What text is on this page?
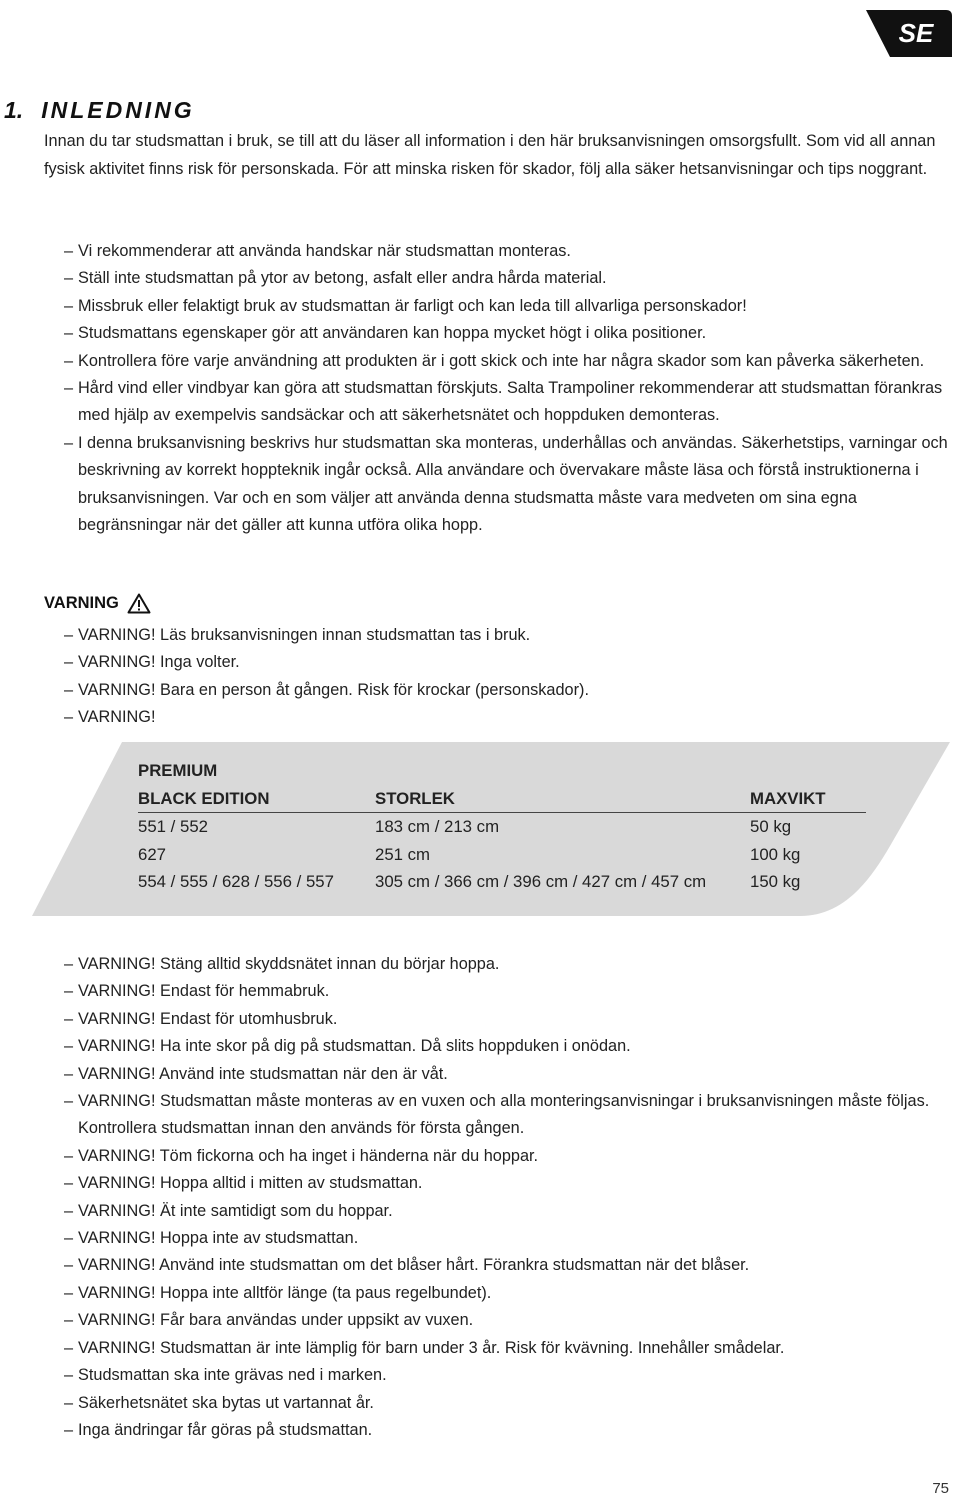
SE
1. INLEDNING

Innan du tar studsmattan i bruk, se till att du läser all information i den här bruksanvisningen omsorgsfullt. Som vid all annan fysisk aktivitet finns risk för personskada. För att minska risken för skador, följ alla säker hetsanvisningar och tips noggrant.

– Vi rekommenderar att använda handskar när studsmattan monteras.
– Ställ inte studsmattan på ytor av betong, asfalt eller andra hårda material.
– Missbruk eller felaktigt bruk av studsmattan är farligt och kan leda till allvarliga personskador!
– Studsmattans egenskaper gör att användaren kan hoppa mycket högt i olika positioner.
– Kontrollera före varje användning att produkten är i gott skick och inte har några skador som kan påverka säkerheten.
– Hård vind eller vindbyar kan göra att studsmattan förskjuts. Salta Trampoliner rekommenderar att studsmattan förankras med hjälp av exempelvis sandsäckar och att säkerhetsnätet och hoppduken demonteras.
– I denna bruksanvisning beskrivs hur studsmattan ska monteras, underhållas och användas. Säkerhetstips, varningar och beskrivning av korrekt hoppteknik ingår också. Alla användare och övervakare måste läsa och förstå instruktionerna i bruksanvisningen. Var och en som väljer att använda denna studsmatta måste vara medveten om sina egna begränsningar när det gäller att kunna utföra olika hopp.
VARNING
– VARNING! Läs bruksanvisningen innan studsmattan tas i bruk.
– VARNING! Inga volter.
– VARNING! Bara en person åt gången. Risk för krockar (personskador).
– VARNING!
PREMIUM
BLACK EDITION	STORLEK	MAXVIKT
551 / 552	183 cm / 213 cm	50 kg
627	251 cm	100 kg
554 / 555 / 628 / 556 / 557	305 cm / 366 cm / 396 cm / 427 cm / 457 cm	150 kg
– VARNING! Stäng alltid skyddsnätet innan du börjar hoppa.
– VARNING! Endast för hemmabruk.
– VARNING! Endast för utomhusbruk.
– VARNING! Ha inte skor på dig på studsmattan. Då slits hoppduken i onödan.
– VARNING! Använd inte studsmattan när den är våt.
– VARNING! Studsmattan måste monteras av en vuxen och alla monteringsanvisningar i bruksanvisningen måste följas. Kontrollera studsmattan innan den används för första gången.
– VARNING! Töm fickorna och ha inget i händerna när du hoppar.
– VARNING! Hoppa alltid i mitten av studsmattan.
– VARNING! Ät inte samtidigt som du hoppar.
– VARNING! Hoppa inte av studsmattan.
– VARNING! Använd inte studsmattan om det blåser hårt. Förankra studsmattan när det blåser.
– VARNING! Hoppa inte alltför länge (ta paus regelbundet).
– VARNING! Får bara användas under uppsikt av vuxen.
– VARNING! Studsmattan är inte lämplig för barn under 3 år. Risk för kvävning. Innehåller smådelar.
– Studsmattan ska inte grävas ned i marken.
– Säkerhetsnätet ska bytas ut vartannat år.
– Inga ändringar får göras på studsmattan.
75
